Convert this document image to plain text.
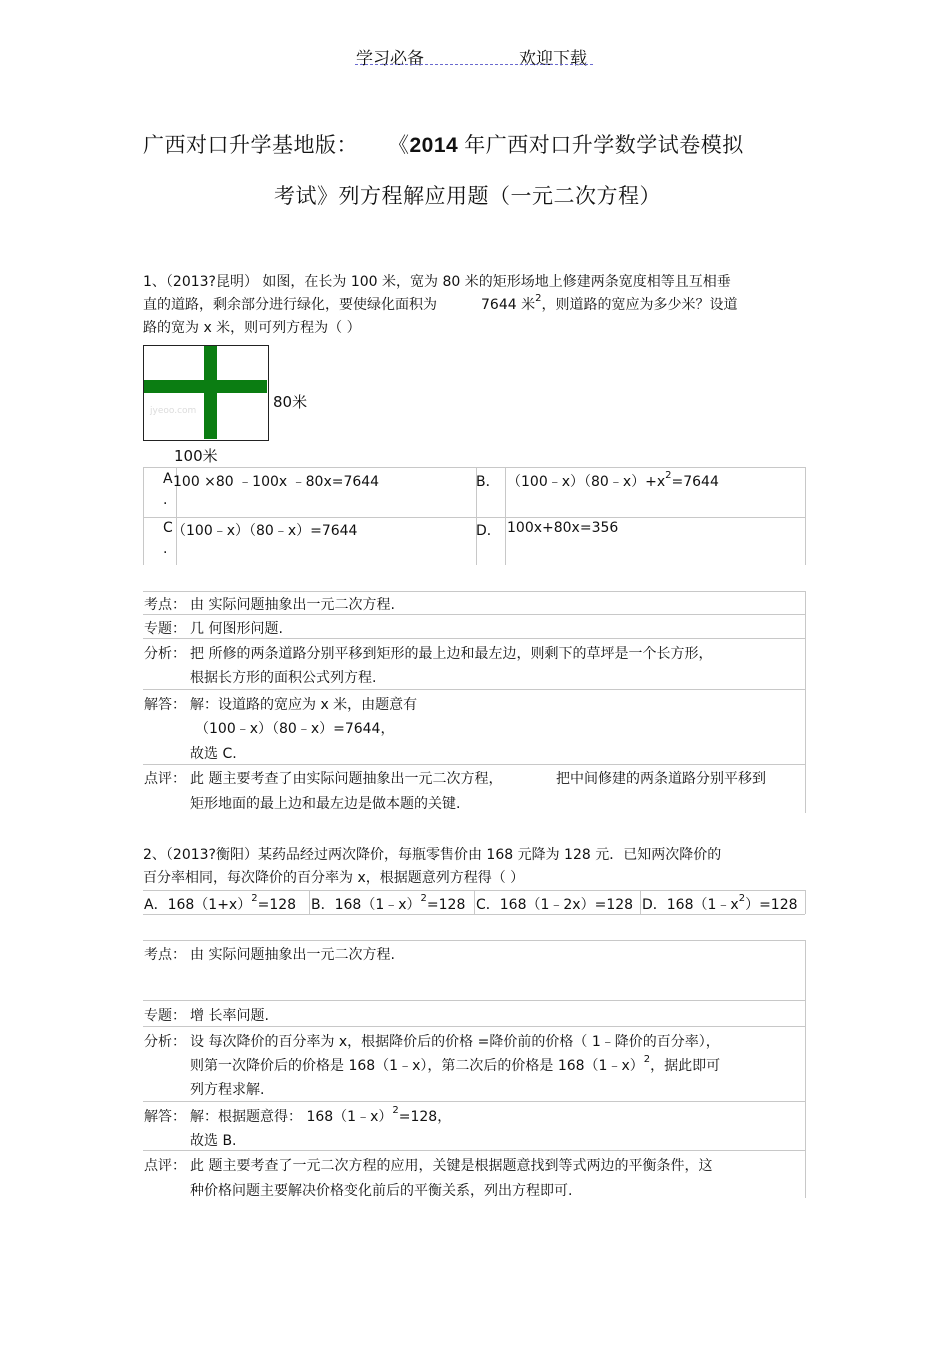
学习必备	欢迎下载
广西对口升学基地版： 《2014 年广西对口升学数学试卷模拟
考试》列方程解应用题（一元二次方程）
1、（2013?昆明） 如图，在长为 100 米，宽为 80 米的矩形场地上修建两条宽度相等且互相垂
直的道路，剩余部分进行绿化，要使绿化面积为	7644 米$^2$，则道路的宽应为多少米？设道
路的宽为 x 米，则可列方程为（ ）
jyeoo.com	80米
100米
A
.
100 ×80 ﹣100x ﹣80x=7644	B． $(100﹣x)(80﹣x)+x^2=7644$
C
.
（100﹣x）（80﹣x）=7644	D． 100x+80x=356
考点： 由 实际问题抽象出一元二次方程.
专题： 几 何图形问题.
分析： 把 所修的两条道路分别平移到矩形的最上边和最左边，则剩下的草坪是一个长方形，
根据长方形的面积公式列方程.
解答： 解：设道路的宽应为 x 米，由题意有
（100﹣x）（80﹣x）=7644，
故选 C.
点评： 此 题主要考查了由实际问题抽象出一元二次方程，	把中间修建的两条道路分别平移到
矩形地面的最上边和最左边是做本题的关键.
2、（2013?衡阳）某药品经过两次降价，每瓶零售价由 168 元降为 128 元．已知两次降价的
百分率相同，每次降价的百分率为 x，根据题意列方程得（ ）
A．$168(1+x)^2=128$ B．168（1﹣x）$^2$=128 C．168（1﹣2x）=128 D．$168(1﹣x^2)=128$
考点： 由 实际问题抽象出一元二次方程.
专题： 增 长率问题.
分析： 设 每次降价的百分率为 x，根据降价后的价格 =降价前的价格（ 1﹣降价的百分率），
则第一次降价后的价格是 168（1﹣x），第二次后的价格是 168（1﹣x）$^2$，据此即可
列方程求解.
解答： 解：根据题意得： 168（1﹣x）$^2$=128，
故选 B.
点评： 此 题主要考查了一元二次方程的应用，关键是根据题意找到等式两边的平衡条件，这
种价格问题主要解决价格变化前后的平衡关系，列出方程即可.
